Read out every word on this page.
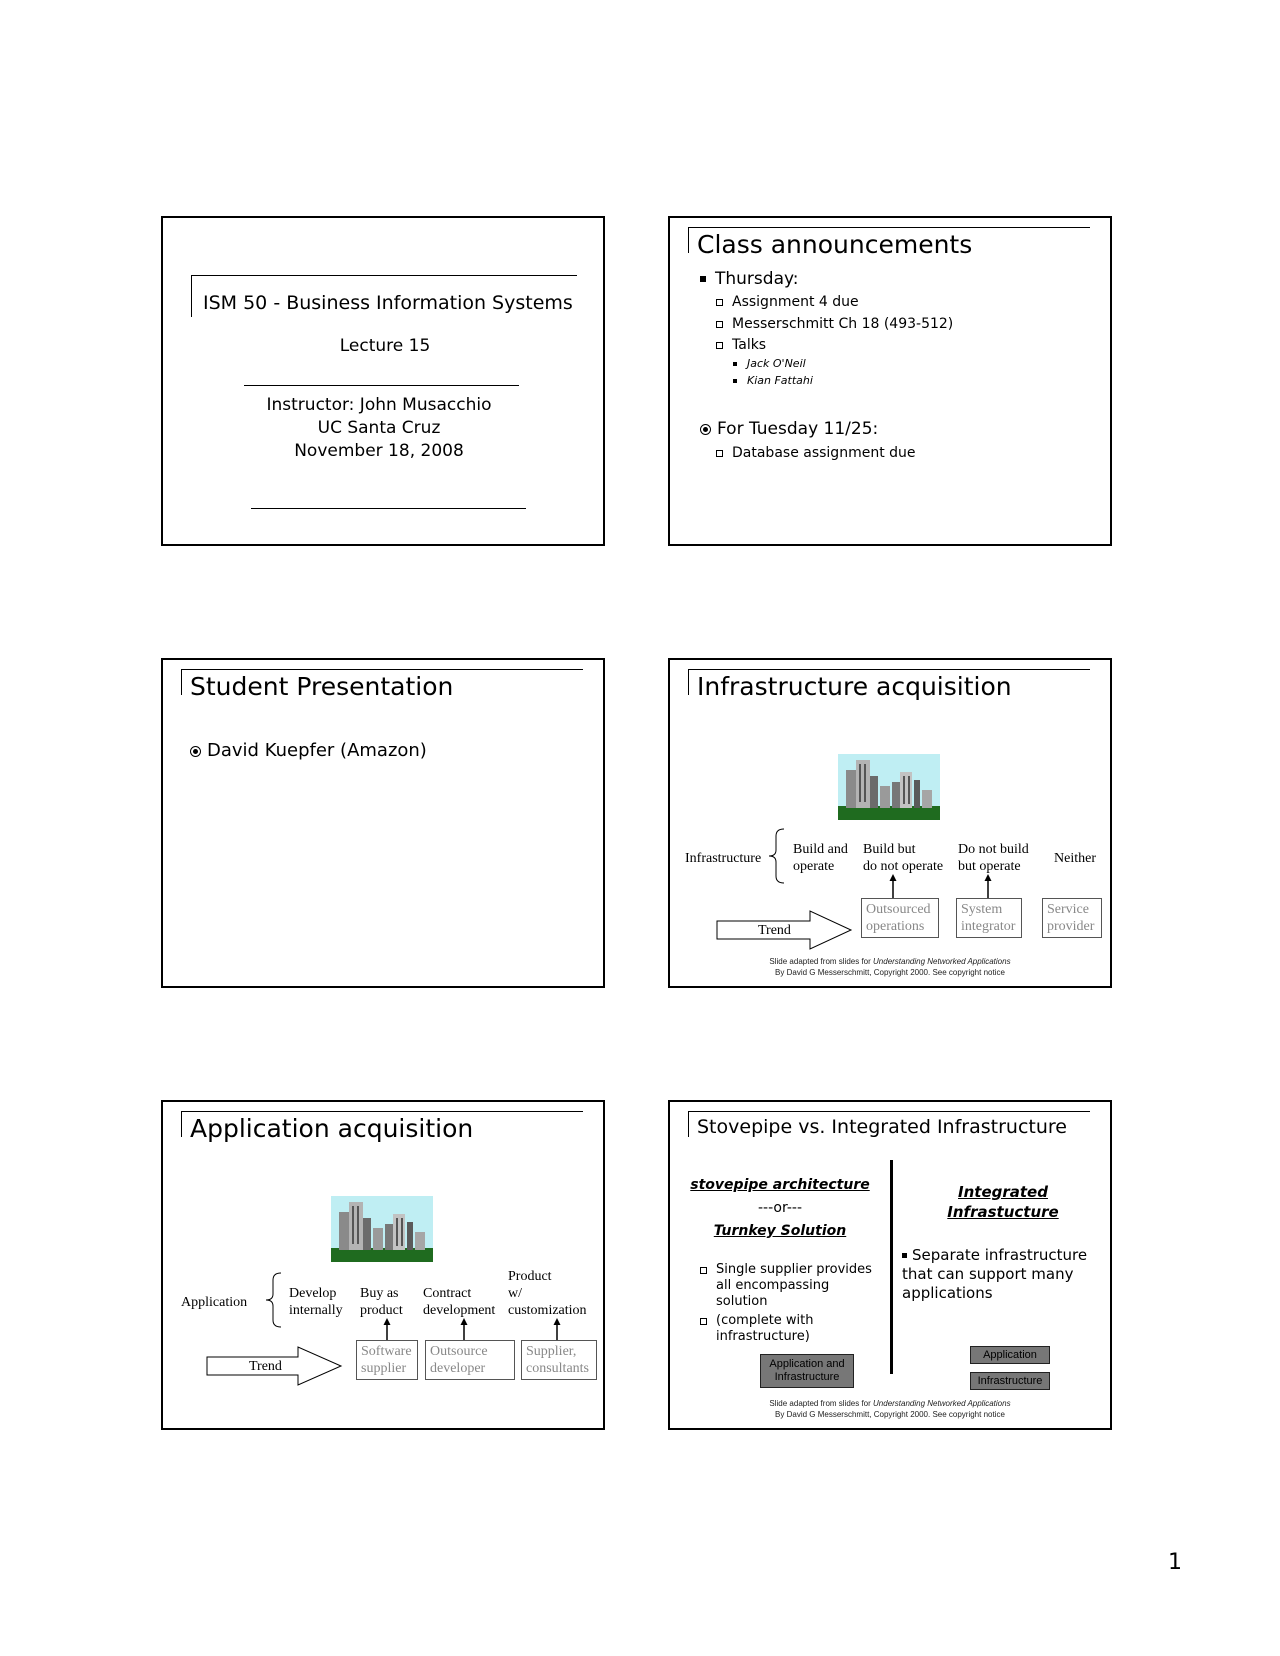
ISM 50 - Business Information Systems
Lecture 15
Instructor: John Musacchio
UC Santa Cruz
November 18, 2008
Class announcements
Thursday:
Assignment 4 due
Messerschmitt Ch 18 (493-512)
Talks
Jack O'Neil
Kian Fattahi
For Tuesday 11/25:
Database assignment due
Student Presentation
David Kuepfer (Amazon)
Infrastructure acquisition
Infrastructure
Build and
operate
Build but
do not operate
Do not build
but operate
Neither
Trend
Outsourced
operations
System
integrator
Service
provider
Slide adapted from slides for Understanding Networked Applications
By David G Messerschmitt, Copyright 2000. See copyright notice
Application acquisition
Application
Develop
internally
Buy as
product
Contract
development
Product
w/
customization
Trend
Software
supplier
Outsource
developer
Supplier,
consultants
Stovepipe vs. Integrated Infrastructure
stovepipe architecture
---or---
Turnkey Solution
Single supplier provides all encompassing solution
(complete with infrastructure)
Application and Infrastructure
Integrated
Infrastucture
Separate infrastructure that can support many applications
Application
Infrastructure
Slide adapted from slides for Understanding Networked Applications
By David G Messerschmitt, Copyright 2000. See copyright notice
1
